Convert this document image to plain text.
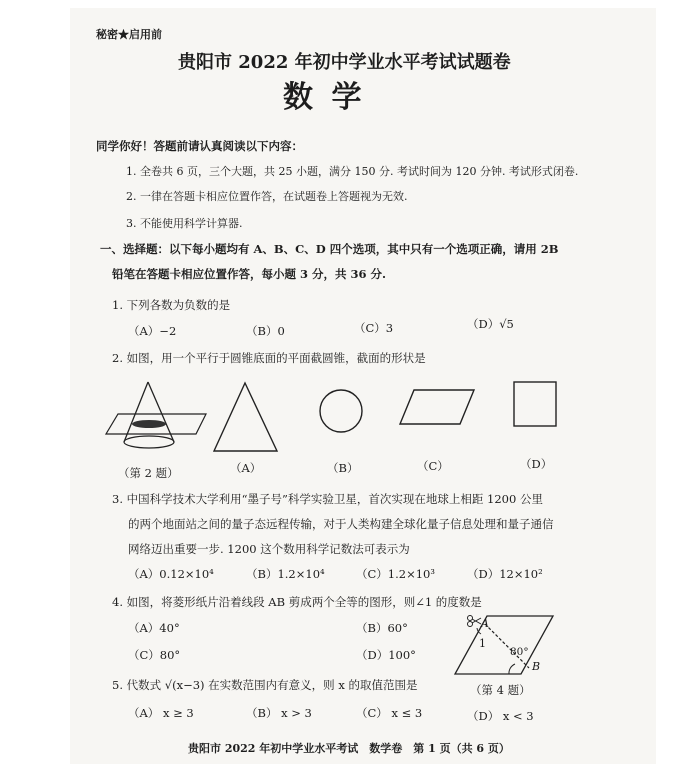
秘密★启用前
贵阳市 2022 年初中学业水平考试试题卷
数 学
同学你好！答题前请认真阅读以下内容：
1. 全卷共 6 页，三个大题，共 25 小题，满分 150 分. 考试时间为 120 分钟. 考试形式闭卷.
2. 一律在答题卡相应位置作答，在试题卷上答题视为无效.
3. 不能使用科学计算器.
一、选择题：以下每小题均有 A、B、C、D 四个选项，其中只有一个选项正确，请用 2B
铅笔在答题卡相应位置作答，每小题 3 分，共 36 分.
1. 下列各数为负数的是
（A）−2	（B）0	（C）3	（D）√5
2. 如图，用一个平行于圆锥底面的平面截圆锥，截面的形状是
（第 2 题）	（A）	（B）	（C）	（D）
3. 中国科学技术大学利用“墨子号”科学实验卫星，首次实现在地球上相距 1200 公里
的两个地面站之间的量子态远程传输，对于人类构建全球化量子信息处理和量子通信
网络迈出重要一步. 1200 这个数用科学记数法可表示为
（A）0.12×10⁴	（B）1.2×10⁴	（C）1.2×10³	（D）12×10²
4. 如图，将菱形纸片沿着线段 AB 剪成两个全等的图形，则∠1 的度数是
（A）40°	（B）60°
（C）80°	（D）100°
A
1
80°
B
（第 4 题）
5. 代数式 √(x−3) 在实数范围内有意义，则 x 的取值范围是
（A） x ≥ 3	（B） x > 3	（C） x ≤ 3	（D） x < 3
贵阳市 2022 年初中学业水平考试　数学卷　第 1 页（共 6 页）
